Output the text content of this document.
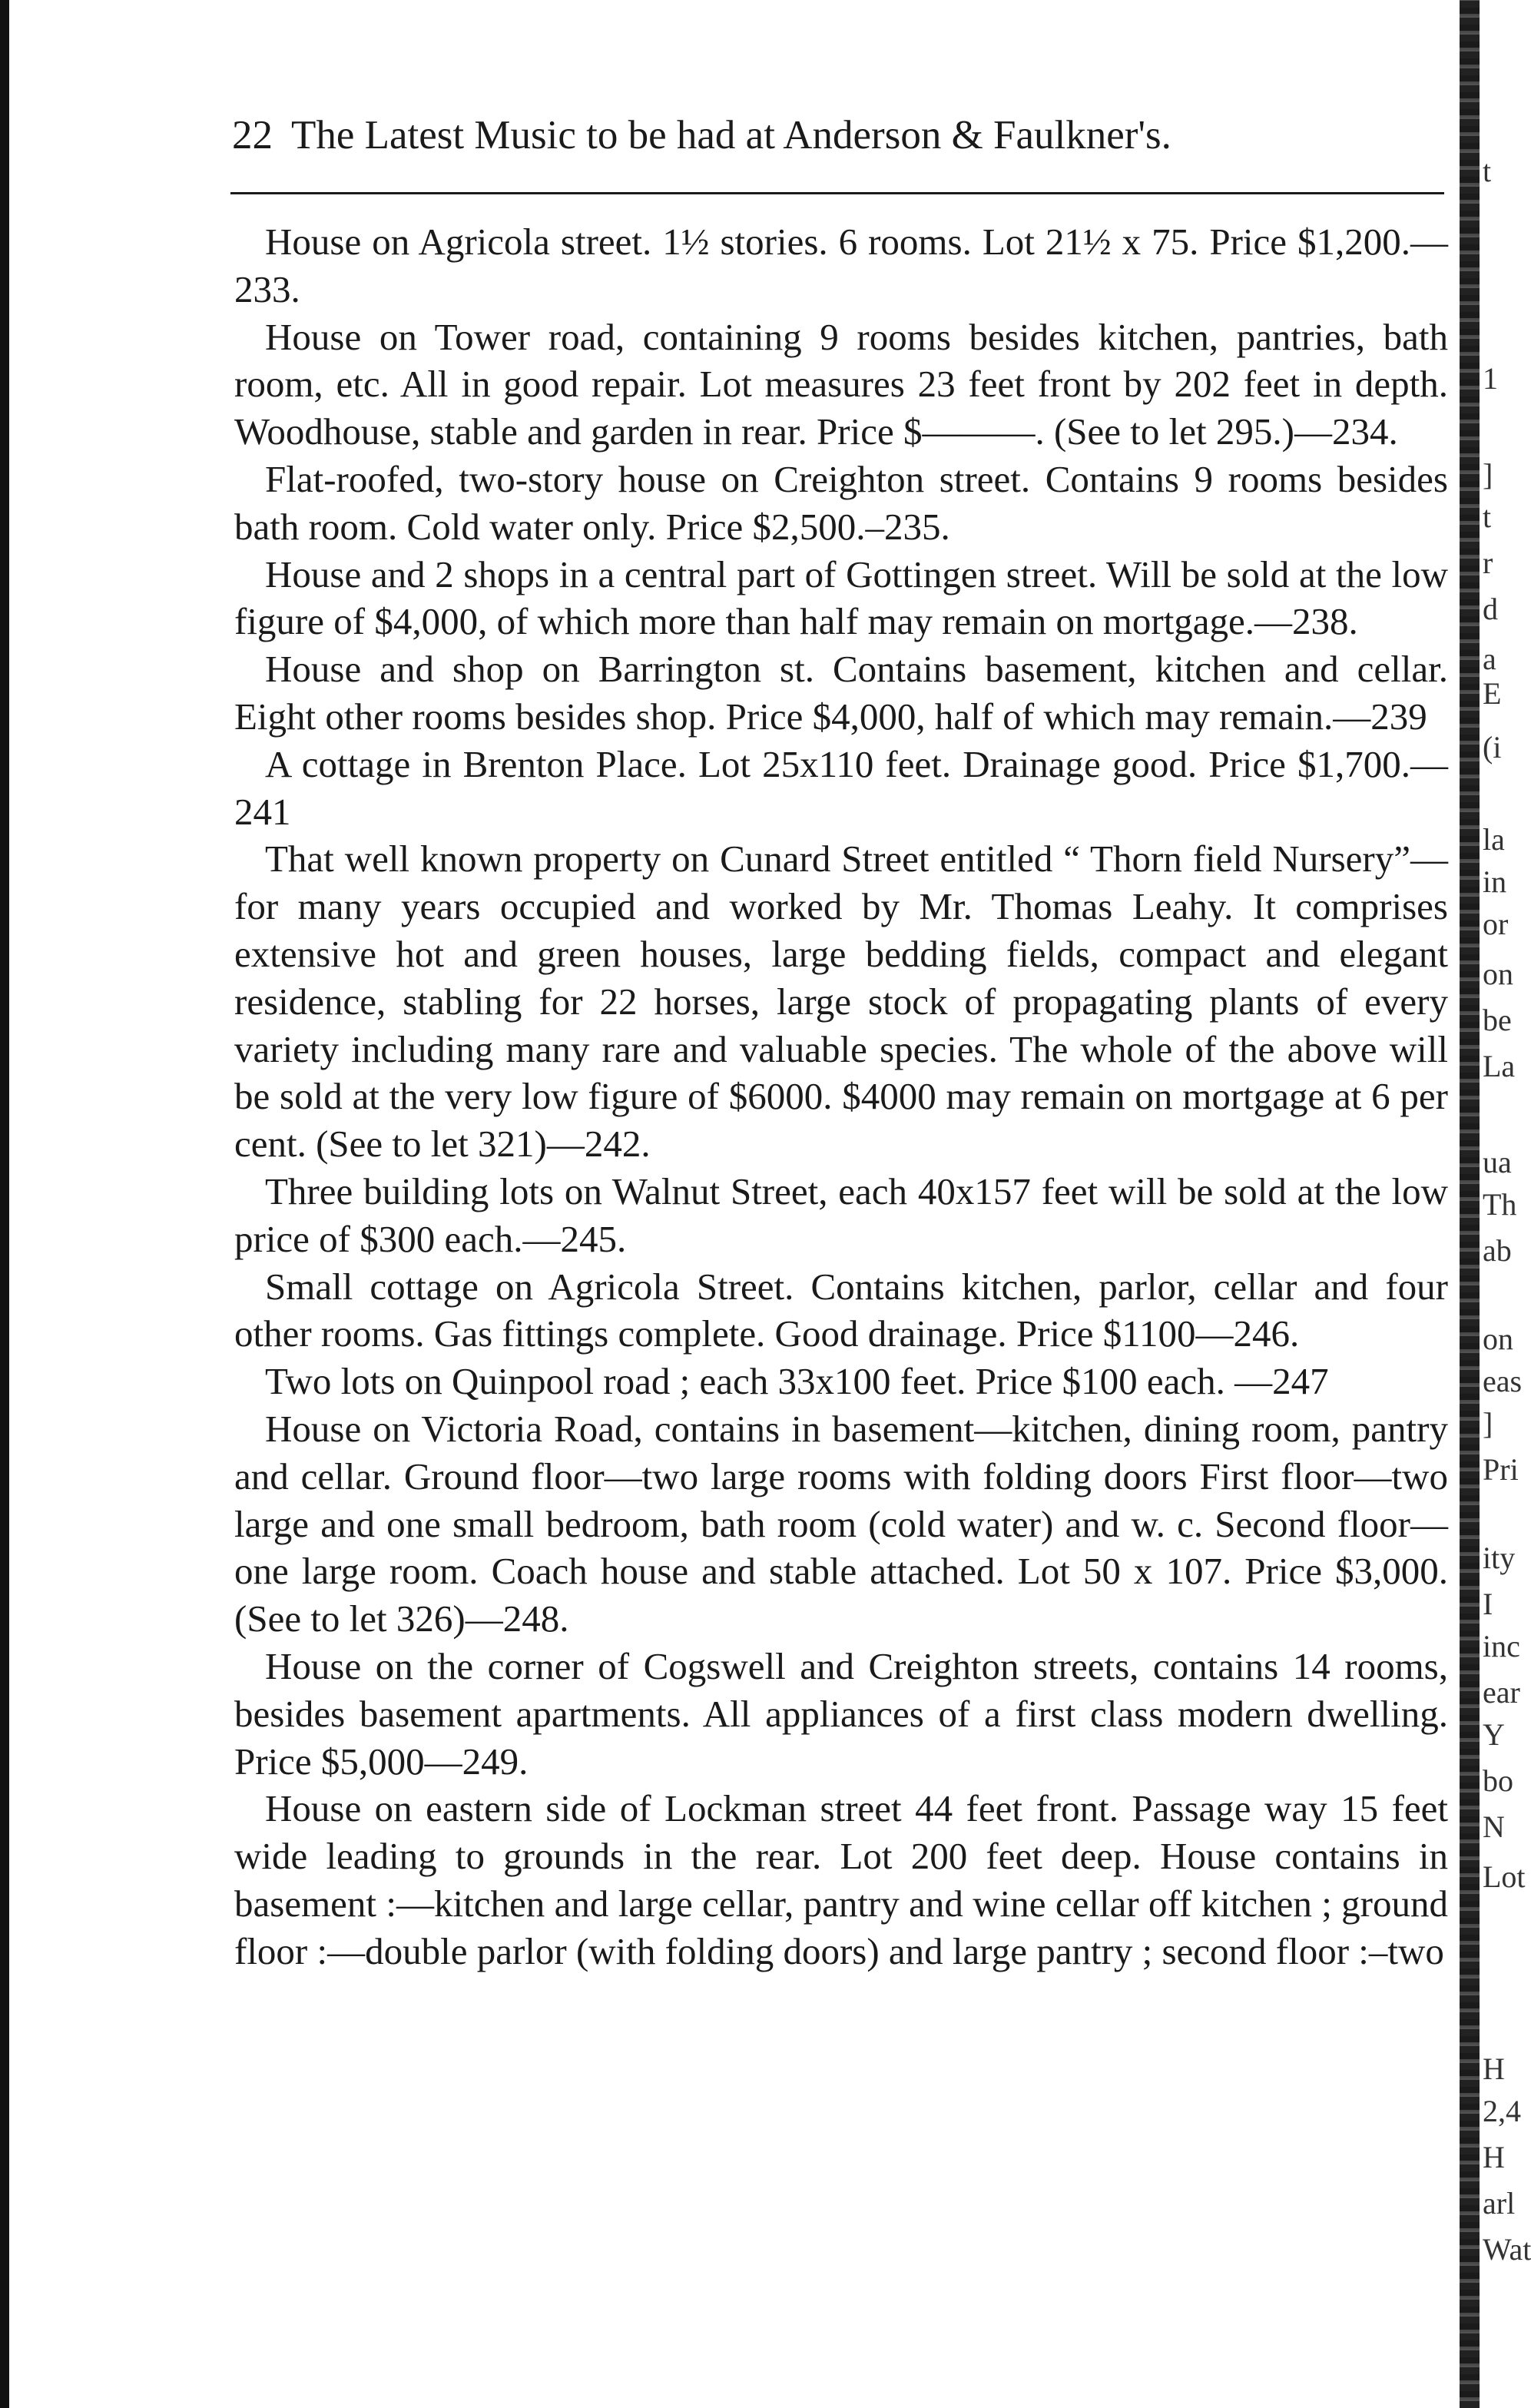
22 The Latest Music to be had at Anderson & Faulkner's.

House on Agricola street. 1½ stories. 6 rooms. Lot 21½ x 75. Price $1,200.—233.

House on Tower road, containing 9 rooms besides kitchen, pantries, bath room, etc. All in good repair. Lot measures 23 feet front by 202 feet in depth. Woodhouse, stable and garden in rear. Price $———. (See to let 295.)—234.

Flat-roofed, two-story house on Creighton street. Contains 9 rooms besides bath room. Cold water only. Price $2,500.–235.

House and 2 shops in a central part of Gottingen street. Will be sold at the low figure of $4,000, of which more than half may remain on mortgage.—238.

House and shop on Barrington st. Contains basement, kitchen and cellar. Eight other rooms besides shop. Price $4,000, half of which may remain.—239

A cottage in Brenton Place. Lot 25x110 feet. Drainage good. Price $1,700.—241

That well known property on Cunard Street entitled “ Thorn field Nursery”—for many years occupied and worked by Mr. Thomas Leahy. It comprises extensive hot and green houses, large bedding fields, compact and elegant residence, stabling for 22 horses, large stock of propagating plants of every variety including many rare and valuable species. The whole of the above will be sold at the very low figure of $6000. $4000 may remain on mortgage at 6 per cent. (See to let 321)—242.

Three building lots on Walnut Street, each 40x157 feet will be sold at the low price of $300 each.—245.

Small cottage on Agricola Street. Contains kitchen, parlor, cellar and four other rooms. Gas fittings complete. Good drainage. Price $1100—246.

Two lots on Quinpool road ; each 33x100 feet. Price $100 each. —247

House on Victoria Road, contains in basement—kitchen, dining room, pantry and cellar. Ground floor—two large rooms with folding doors First floor—two large and one small bedroom, bath room (cold water) and w. c. Second floor—one large room. Coach house and stable attached. Lot 50 x 107. Price $3,000. (See to let 326)—248.

House on the corner of Cogswell and Creighton streets, contains 14 rooms, besides basement apartments. All appliances of a first class modern dwelling. Price $5,000—249.

House on eastern side of Lockman street 44 feet front. Passage way 15 feet wide leading to grounds in the rear. Lot 200 feet deep. House contains in basement :—kitchen and large cellar, pantry and wine cellar off kitchen ; ground floor :—double parlor (with folding doors) and large pantry ; second floor :–two

t
1
]
t
r
d
a
E
(i
la
in
or
on
be
La
ua
Th
ab
on
eas
]
Pri
ity
I
inc
ear
Y
bo
N
Lot
H
2,4
H
arl
Wat
